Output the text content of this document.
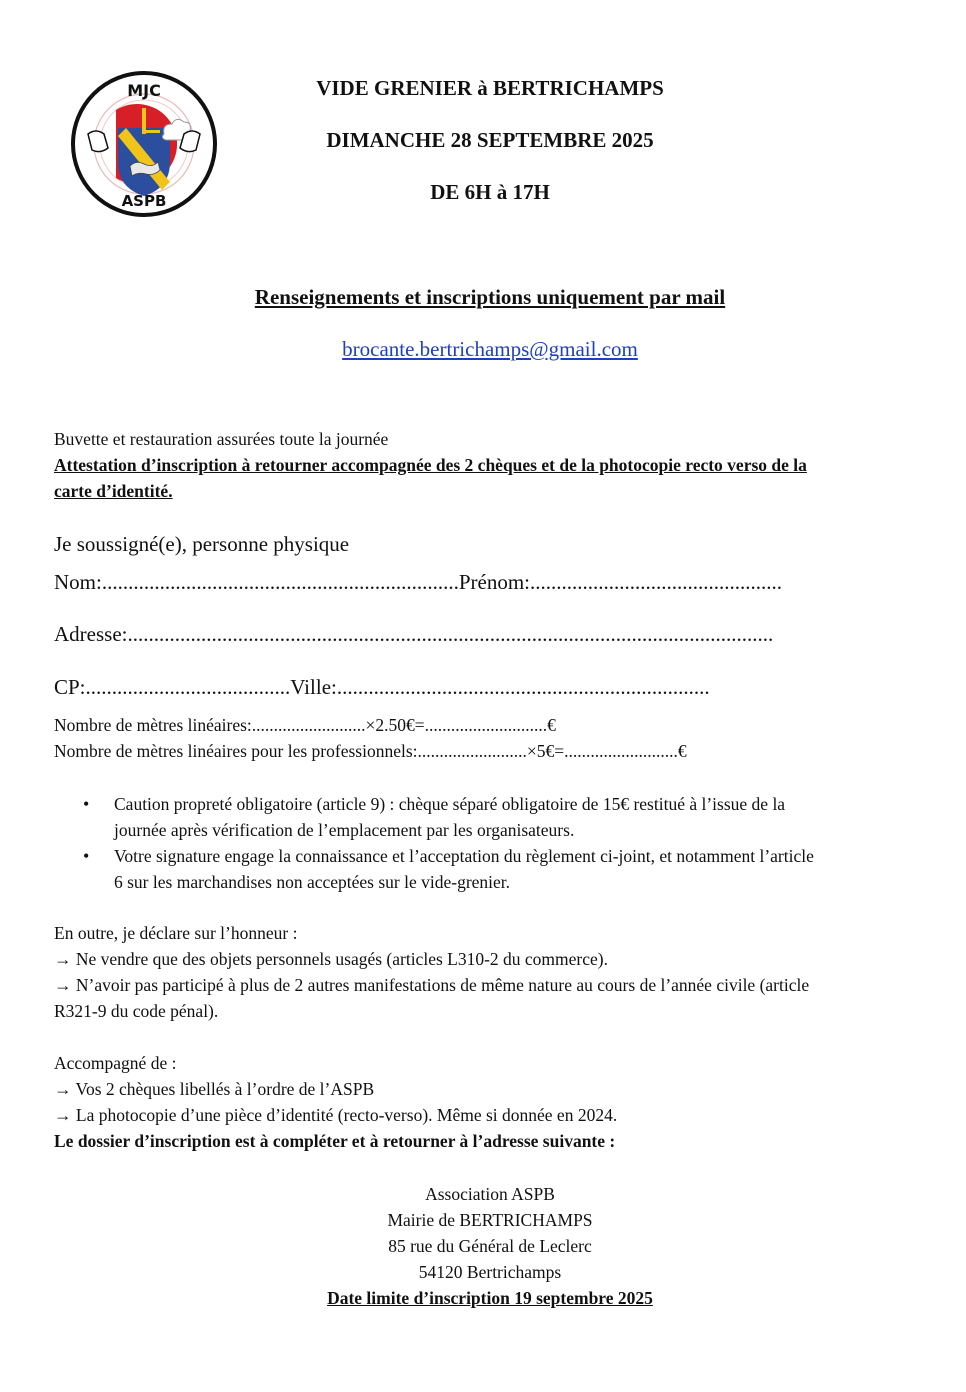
MJC
ASPB
VIDE GRENIER à BERTRICHAMPS
DIMANCHE 28 SEPTEMBRE 2025
DE 6H à 17H
Renseignements et inscriptions uniquement par mail
brocante.bertrichamps@gmail.com
Buvette et restauration assurées toute la journée
Attestation d’inscription à retourner accompagnée des 2 chèques et de la photocopie recto verso de la
carte d’identité.
Je soussigné(e), personne physique
Nom:....................................................................Prénom:................................................
Adresse:...........................................................................................................................
CP:.......................................Ville:.......................................................................
Nombre de mètres linéaires:..........................×2.50€=............................€
Nombre de mètres linéaires pour les professionnels:.........................×5€=..........................€
• Caution propreté obligatoire (article 9) : chèque séparé obligatoire de 15€ restitué à l’issue de la
journée après vérification de l’emplacement par les organisateurs.
• Votre signature engage la connaissance et l’acceptation du règlement ci-joint, et notamment l’article
6 sur les marchandises non acceptées sur le vide-grenier.
En outre, je déclare sur l’honneur :
→ Ne vendre que des objets personnels usagés (articles L310-2 du commerce).
→ N’avoir pas participé à plus de 2 autres manifestations de même nature au cours de l’année civile (article
R321-9 du code pénal).
Accompagné de :
→ Vos 2 chèques libellés à l’ordre de l’ASPB
→ La photocopie d’une pièce d’identité (recto-verso). Même si donnée en 2024.
Le dossier d’inscription est à compléter et à retourner à l’adresse suivante :
Association ASPB
Mairie de BERTRICHAMPS
85 rue du Général de Leclerc
54120 Bertrichamps
Date limite d’inscription 19 septembre 2025
